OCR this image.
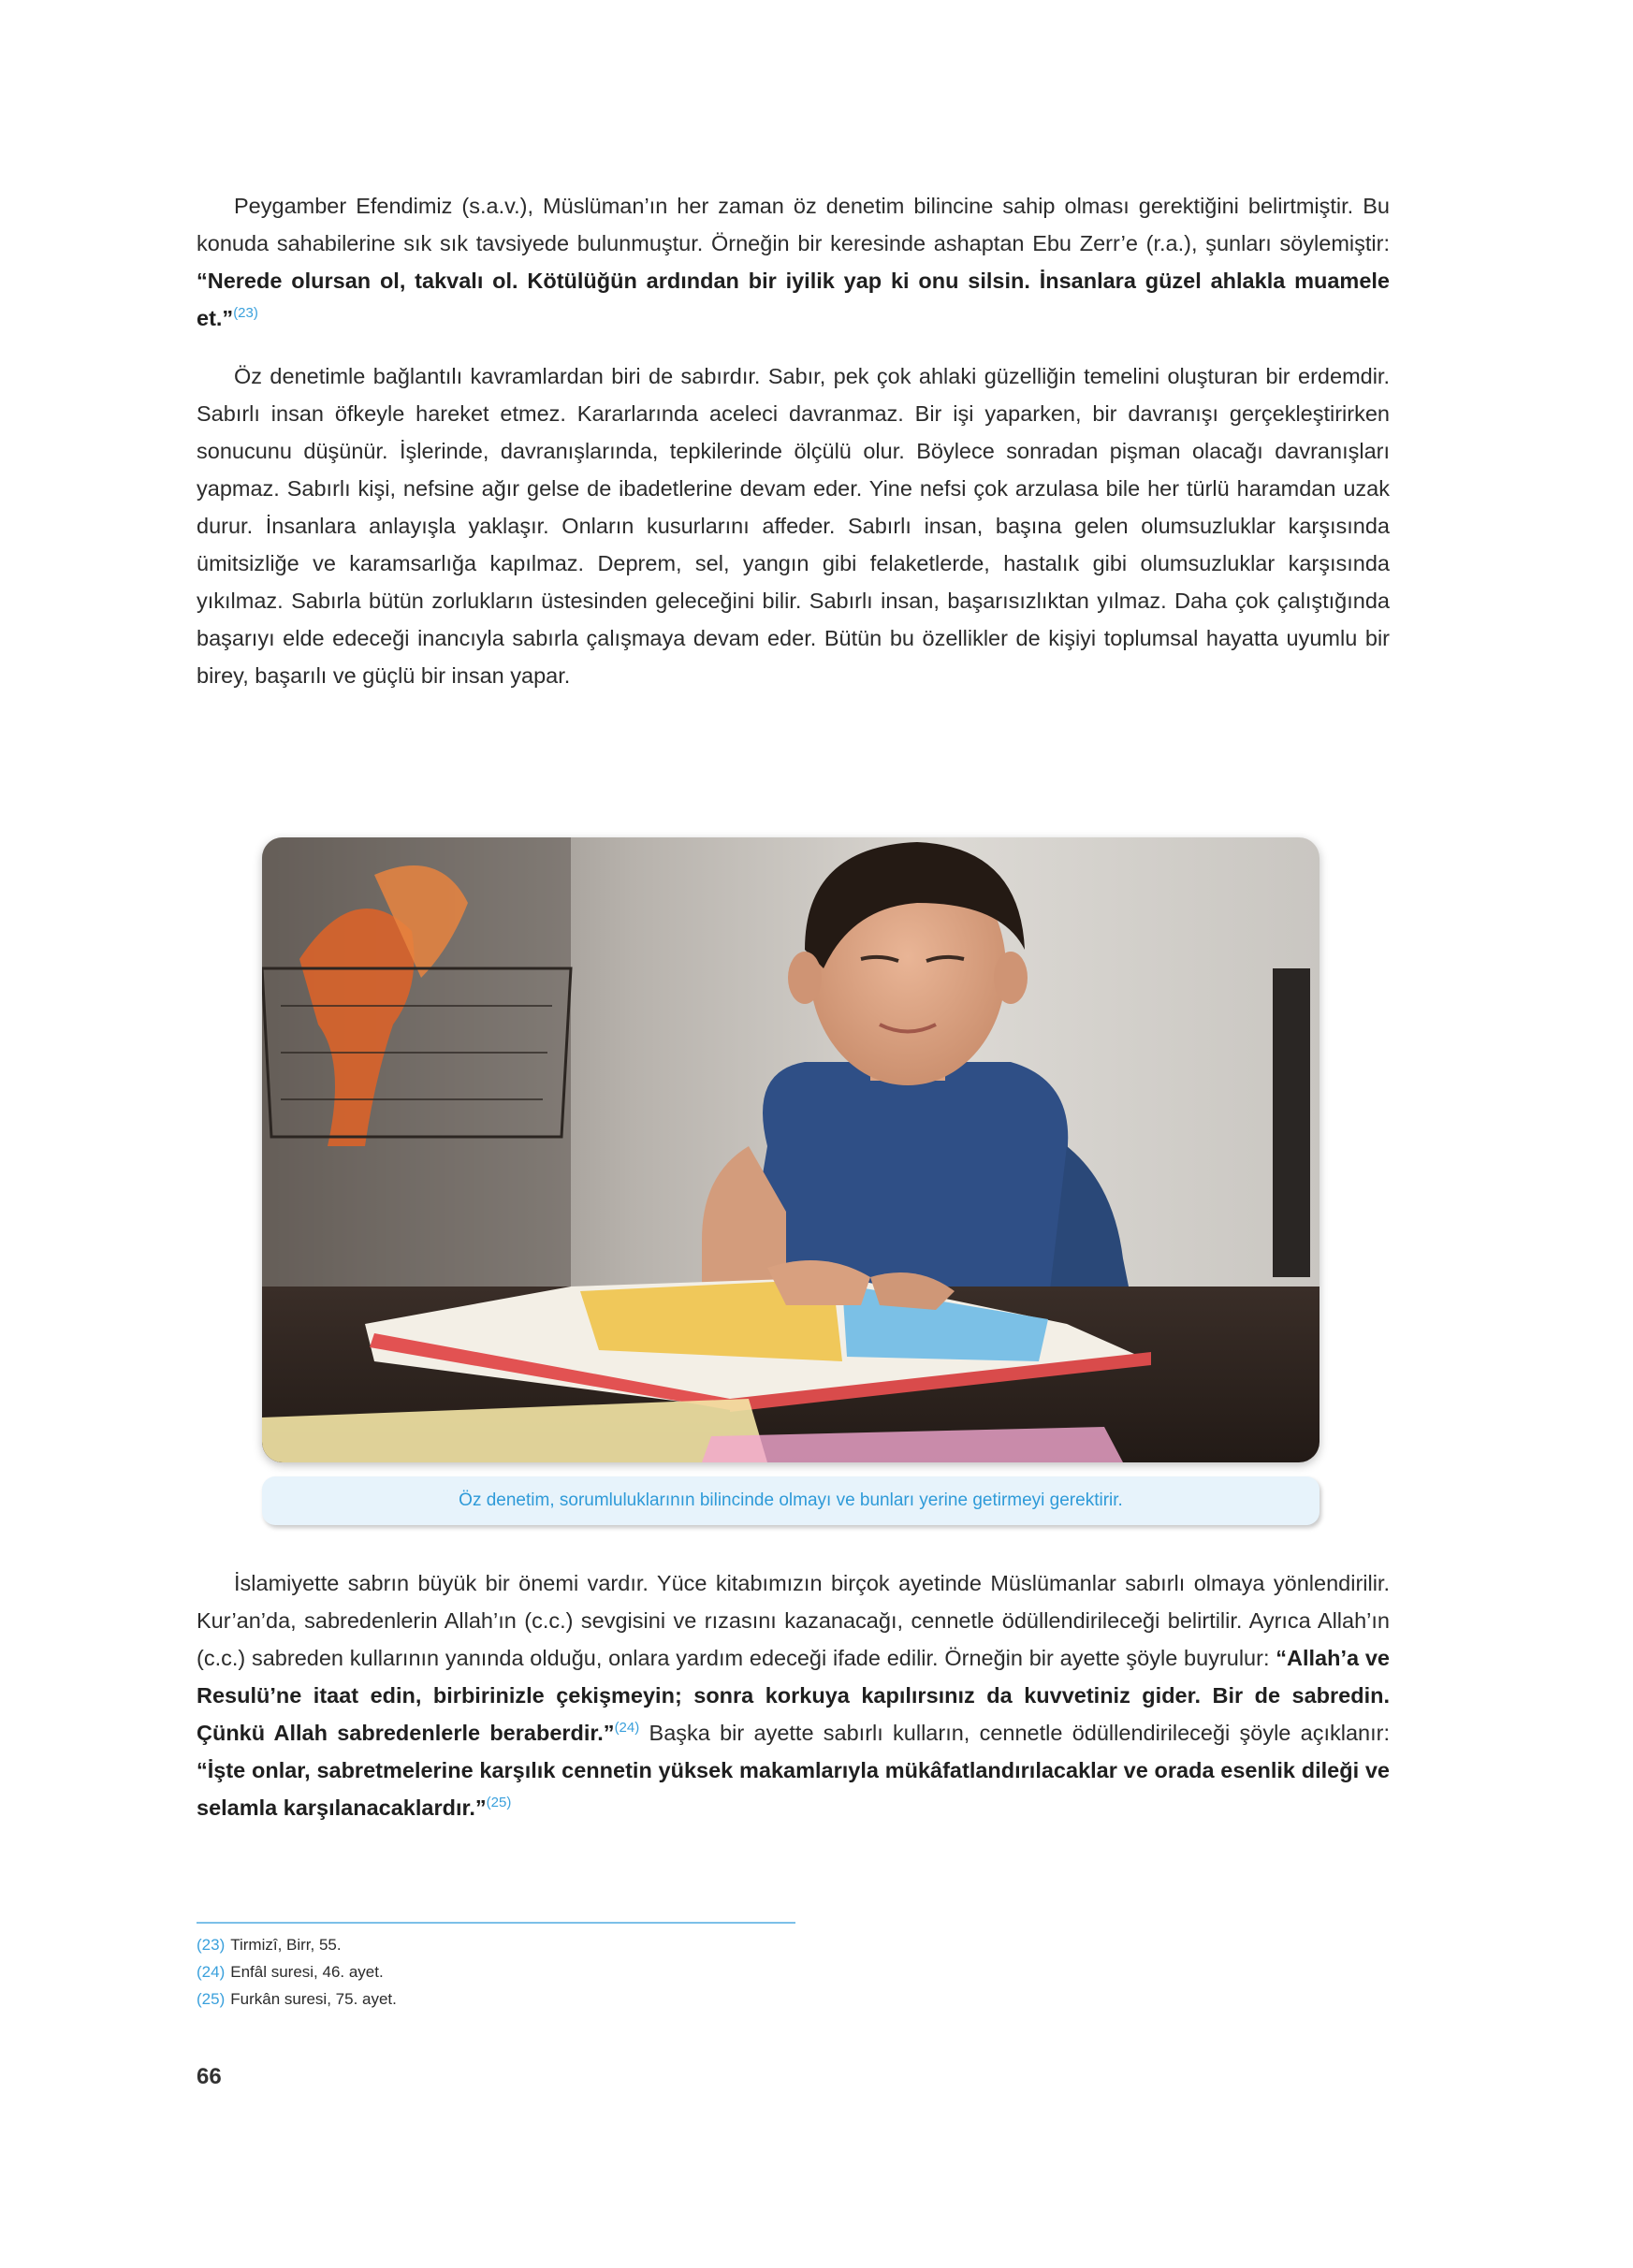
Peygamber Efendimiz (s.a.v.), Müslüman’ın her zaman öz denetim bilincine sahip olması gerektiğini belirtmiştir. Bu konuda sahabilerine sık sık tavsiyede bulunmuştur. Örneğin bir keresinde ashaptan Ebu Zerr’e (r.a.), şunları söylemiştir: “Nerede olursan ol, takvalı ol. Kötülüğün ardından bir iyilik yap ki onu silsin. İnsanlara güzel ahlakla muamele et.”$^{(23)}$

Öz denetimle bağlantılı kavramlardan biri de sabırdır. Sabır, pek çok ahlaki güzelliğin temelini oluşturan bir erdemdir. Sabırlı insan öfkeyle hareket etmez. Kararlarında aceleci davranmaz. Bir işi yaparken, bir davranışı gerçekleştirirken sonucunu düşünür. İşlerinde, davranışlarında, tepkilerinde ölçülü olur. Böylece sonradan pişman olacağı davranışları yapmaz. Sabırlı kişi, nefsine ağır gelse de ibadetlerine devam eder. Yine nefsi çok arzulasa bile her türlü haramdan uzak durur. İnsanlara anlayışla yaklaşır. Onların kusurlarını affeder. Sabırlı insan, başına gelen olumsuzluklar karşısında ümitsizliğe ve karamsarlığa kapılmaz. Deprem, sel, yangın gibi felaketlerde, hastalık gibi olumsuzluklar karşısında yıkılmaz. Sabırla bütün zorlukların üstesinden geleceğini bilir. Sabırlı insan, başarısızlıktan yılmaz. Daha çok çalıştığında başarıyı elde edeceği inancıyla sabırla çalışmaya devam eder. Bütün bu özellikler de kişiyi toplumsal hayatta uyumlu bir birey, başarılı ve güçlü bir insan yapar.

Öz denetim, sorumluluklarının bilincinde olmayı ve bunları yerine getirmeyi gerektirir.

İslamiyette sabrın büyük bir önemi vardır. Yüce kitabımızın birçok ayetinde Müslümanlar sabırlı olmaya yönlendirilir. Kur’an’da, sabredenlerin Allah’ın (c.c.) sevgisini ve rızasını kazanacağı, cennetle ödüllendirileceği belirtilir. Ayrıca Allah’ın (c.c.) sabreden kullarının yanında olduğu, onlara yardım edeceği ifade edilir. Örneğin bir ayette şöyle buyrulur: “Allah’a ve Resulü’ne itaat edin, birbirinizle çekişmeyin; sonra korkuya kapılırsınız da kuvvetiniz gider. Bir de sabredin. Çünkü Allah sabredenlerle beraberdir.”$^{(24)}$ Başka bir ayette sabırlı kulların, cennetle ödüllendirileceği şöyle açıklanır: “İşte onlar, sabretmelerine karşılık cennetin yüksek makamlarıyla mükâfatlandırılacaklar ve orada esenlik dileği ve selamla karşılanacaklardır.”$^{(25)}$

(23) Tirmizî, Birr, 55.
(24) Enfâl suresi, 46. ayet.
(25) Furkân suresi, 75. ayet.
66
